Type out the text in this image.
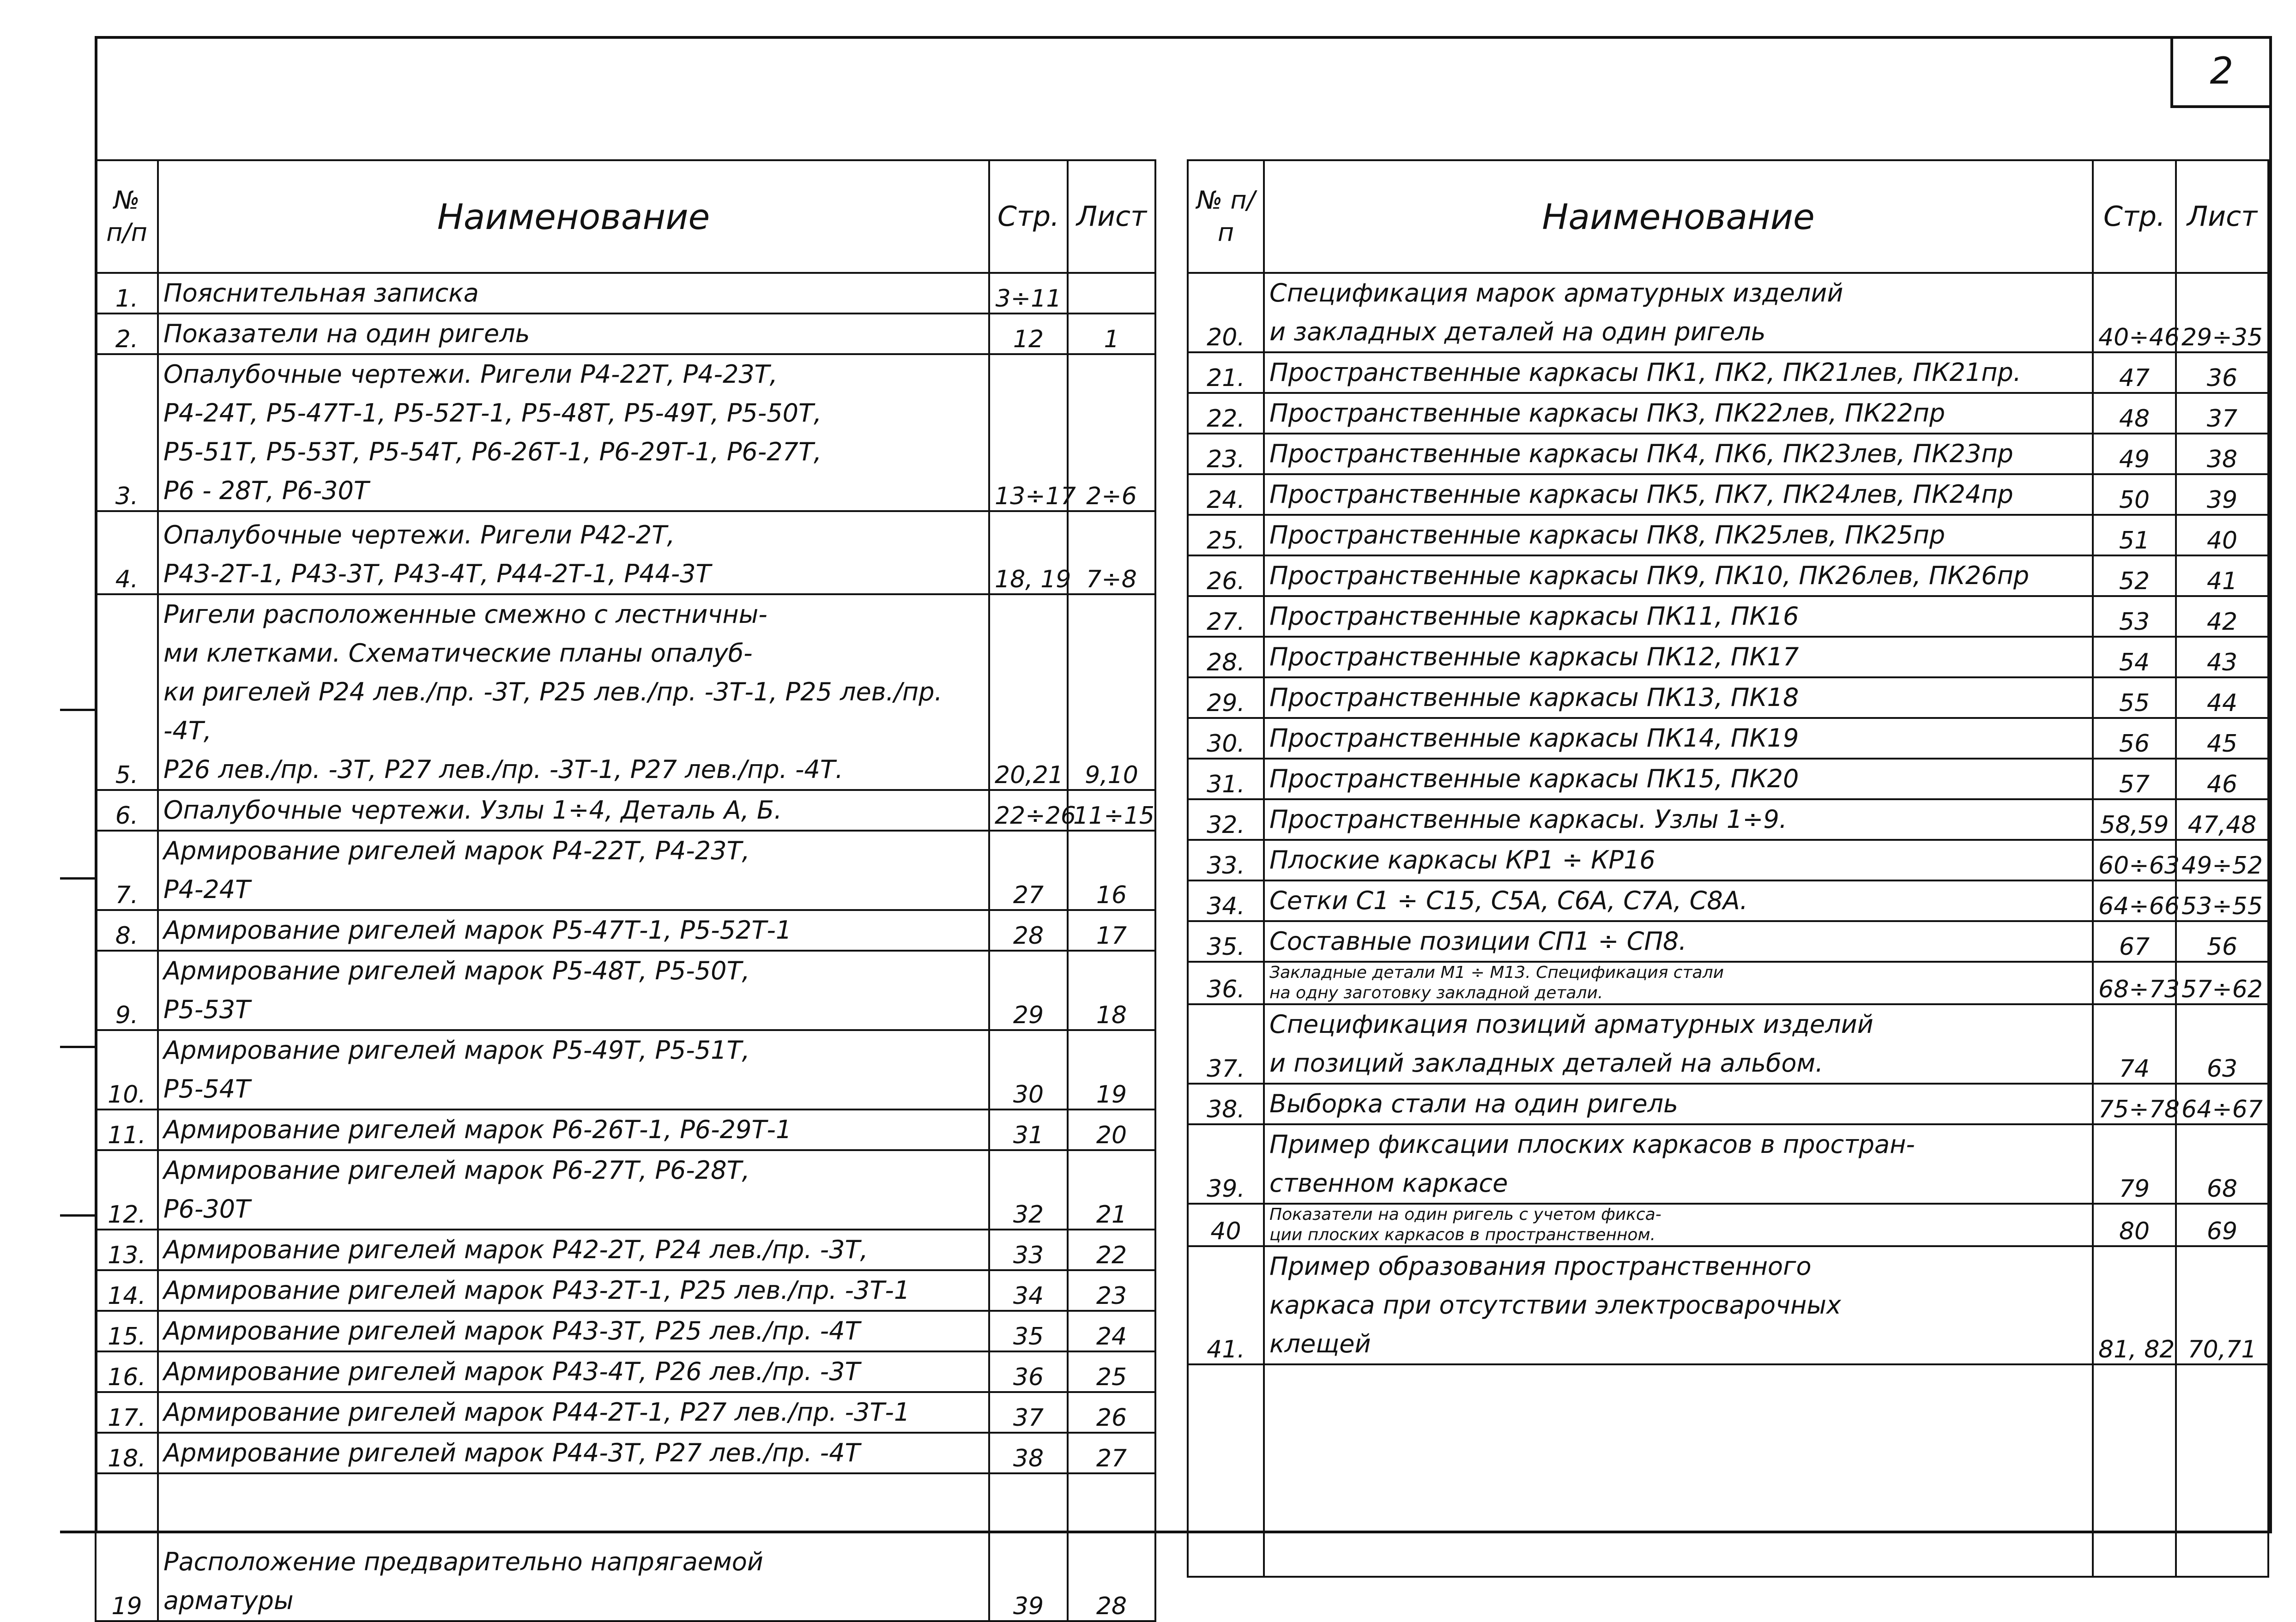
2
№ п/п	Наименование	Стр.	Лист
1.	Пояснительная записка	3÷11	
2.	Показатели на один ригель	12	1
3.	Опалубочные чертежи. Ригели Р4-22Т, Р4-23Т,
Р4-24Т, Р5-47Т-1, Р5-52Т-1, Р5-48Т, Р5-49Т, Р5-50Т,
Р5-51Т, Р5-53Т, Р5-54Т, Р6-26Т-1, Р6-29Т-1, Р6-27Т,
Р6 - 28Т, Р6-30Т	13÷17	2÷6
4.	Опалубочные чертежи. Ригели Р42-2Т,
Р43-2Т-1, Р43-3Т, Р43-4Т, Р44-2Т-1, Р44-3Т	18, 19	7÷8
5.	Ригели расположенные смежно с лестничны-
ми клетками. Схематические планы опалуб-
ки ригелей Р24 лев./пр. -3Т, Р25 лев./пр. -3Т-1, Р25 лев./пр. -4Т,
Р26 лев./пр. -3Т, Р27 лев./пр. -3Т-1, Р27 лев./пр. -4Т.	20,21	9,10
6.	Опалубочные чертежи. Узлы 1÷4, Деталь А, Б.	22÷26	11÷15
7.	Армирование ригелей марок Р4-22Т, Р4-23Т,
Р4-24Т	27	16
8.	Армирование ригелей марок Р5-47Т-1, Р5-52Т-1	28	17
9.	Армирование ригелей марок Р5-48Т, Р5-50Т,
Р5-53Т	29	18
10.	Армирование ригелей марок Р5-49Т, Р5-51Т,
Р5-54Т	30	19
11.	Армирование ригелей марок Р6-26Т-1, Р6-29Т-1	31	20
12.	Армирование ригелей марок Р6-27Т, Р6-28Т,
Р6-30Т	32	21
13.	Армирование ригелей марок Р42-2Т, Р24 лев./пр. -3Т,	33	22
14.	Армирование ригелей марок Р43-2Т-1, Р25 лев./пр. -3Т-1	34	23
15.	Армирование ригелей марок Р43-3Т, Р25 лев./пр. -4Т	35	24
16.	Армирование ригелей марок Р43-4Т, Р26 лев./пр. -3Т	36	25
17.	Армирование ригелей марок Р44-2Т-1, Р27 лев./пр. -3Т-1	37	26
18.	Армирование ригелей марок Р44-3Т, Р27 лев./пр. -4Т	38	27
19	Расположение предварительно напрягаемой
арматуры	39	28
№ п/п	Наименование	Стр.	Лист
20.	Спецификация марок арматурных изделий
и закладных деталей на один ригель	40÷46	29÷35
21.	Пространственные каркасы ПК1, ПК2, ПК21лев, ПК21пр.	47	36
22.	Пространственные каркасы ПК3, ПК22лев, ПК22пр	48	37
23.	Пространственные каркасы ПК4, ПК6, ПК23лев, ПК23пр	49	38
24.	Пространственные каркасы ПК5, ПК7, ПК24лев, ПК24пр	50	39
25.	Пространственные каркасы ПК8, ПК25лев, ПК25пр	51	40
26.	Пространственные каркасы ПК9, ПК10, ПК26лев, ПК26пр	52	41
27.	Пространственные каркасы ПК11, ПК16	53	42
28.	Пространственные каркасы ПК12, ПК17	54	43
29.	Пространственные каркасы ПК13, ПК18	55	44
30.	Пространственные каркасы ПК14, ПК19	56	45
31.	Пространственные каркасы ПК15, ПК20	57	46
32.	Пространственные каркасы. Узлы 1÷9.	58,59	47,48
33.	Плоские каркасы КР1 ÷ КР16	60÷63	49÷52
34.	Сетки С1 ÷ С15, С5А, С6А, С7А, С8А.	64÷66	53÷55
35.	Составные позиции СП1 ÷ СП8.	67	56
36.	Закладные детали М1 ÷ М13. Спецификация стали
на одну заготовку закладной детали.	68÷73	57÷62
37.	Спецификация позиций арматурных изделий
и позиций закладных деталей на альбом.	74	63
38.	Выборка стали на один ригель	75÷78	64÷67
39.	Пример фиксации плоских каркасов в простран-
ственном каркасе	79	68
40	Показатели на один ригель с учетом фикса-
ции плоских каркасов в пространственном.	80	69
41.	Пример образования пространственного
каркаса при отсутствии электросварочных
клещей	81, 82	70,71
